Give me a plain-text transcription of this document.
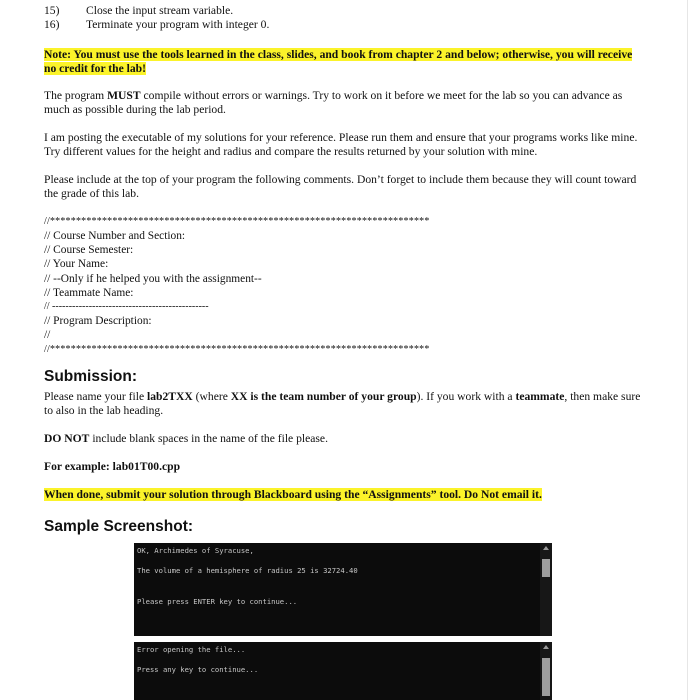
15) Close the input stream variable.
16) Terminate your program with integer 0.
Note: You must use the tools learned in the class, slides, and book from chapter 2 and below; otherwise, you will receive no credit for the lab!

The program MUST compile without errors or warnings. Try to work on it before we meet for the lab so you can advance as much as possible during the lab period.

I am posting the executable of my solutions for your reference. Please run them and ensure that your programs works like mine. Try different values for the height and radius and compare the results returned by your solution with mine.

Please include at the top of your program the following comments. Don’t forget to include them because they will count toward the grade of this lab.

//*************************************************************************
// Course Number and Section:
// Course Semester:
// Your Name:
// --Only if he helped you with the assignment--
// Teammate Name:
// -----------------------------------------------
// Program Description:
//
//*************************************************************************
Submission:

Please name your file lab2TXX (where XX is the team number of your group). If you work with a teammate, then make sure to also in the lab heading.

DO NOT include blank spaces in the name of the file please.

For example: lab01T00.cpp

When done, submit your solution through Blackboard using the “Assignments” tool. Do Not email it.

Sample Screenshot:
OK, Archimedes of Syracuse,
The volume of a hemisphere of radius 25 is 32724.40
Please press ENTER key to continue...
Error opening the file...
Press any key to continue...
